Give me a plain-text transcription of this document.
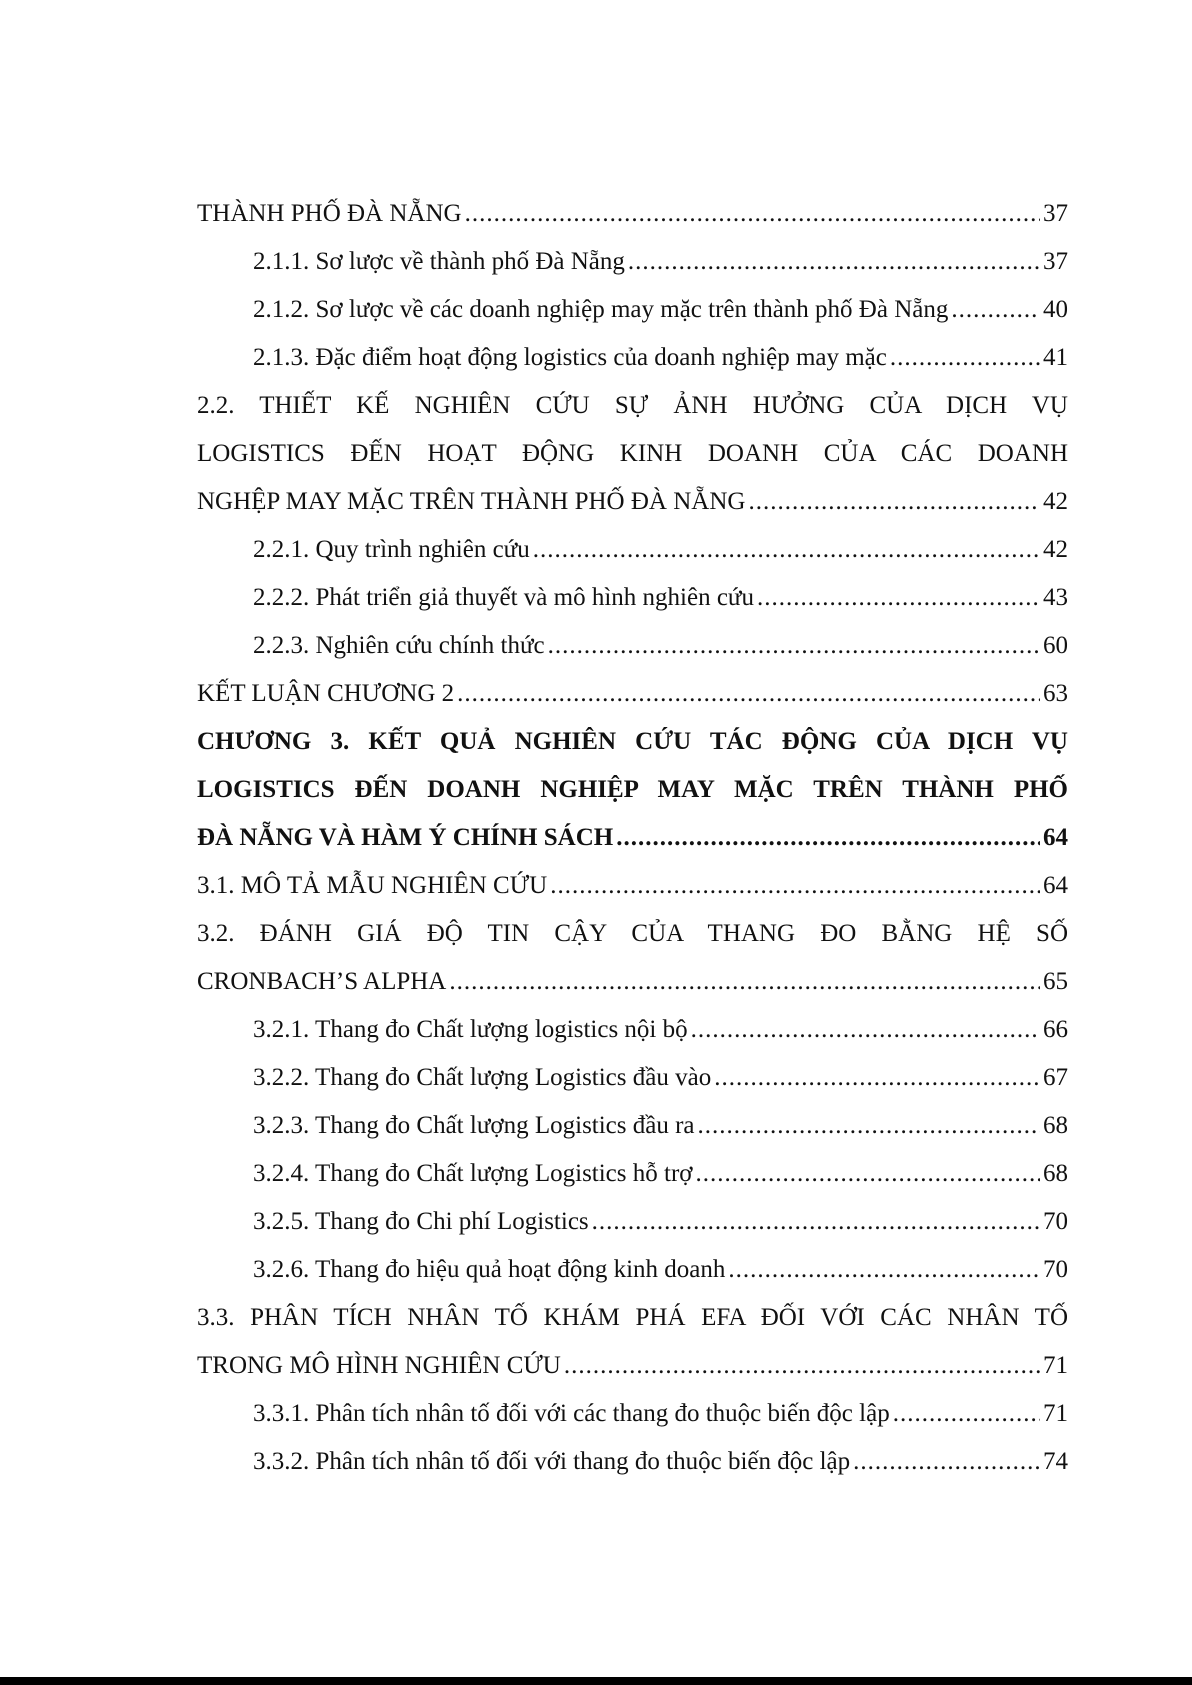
THÀNH PHỐ ĐÀ NẴNG .....	37
2.1.1. Sơ lược về thành phố Đà Nẵng .....	37
2.1.2. Sơ lược về các doanh nghiệp may mặc trên thành phố Đà Nẵng .....	40
2.1.3. Đặc điểm hoạt động logistics của doanh nghiệp may mặc .....	41
2.2. THIẾT KẾ NGHIÊN CỨU SỰ ẢNH HƯỞNG CỦA DỊCH VỤ
LOGISTICS ĐẾN HOẠT ĐỘNG KINH DOANH CỦA CÁC DOANH
NGHỆP MAY MẶC TRÊN THÀNH PHỐ ĐÀ NẴNG .....	42
2.2.1. Quy trình nghiên cứu .....	42
2.2.2. Phát triển giả thuyết và mô hình nghiên cứu .....	43
2.2.3. Nghiên cứu chính thức .....	60
KẾT LUẬN CHƯƠNG 2 .....	63
CHƯƠNG 3. KẾT QUẢ NGHIÊN CỨU TÁC ĐỘNG CỦA DỊCH VỤ
LOGISTICS ĐẾN DOANH NGHIỆP MAY MẶC TRÊN THÀNH PHỐ
ĐÀ NẴNG VÀ HÀM Ý CHÍNH SÁCH .....	64
3.1. MÔ TẢ MẪU NGHIÊN CỨU .....	64
3.2. ĐÁNH GIÁ ĐỘ TIN CẬY CỦA THANG ĐO BẰNG HỆ SỐ
CRONBACH’S ALPHA .....	65
3.2.1. Thang đo Chất lượng logistics nội bộ .....	66
3.2.2. Thang đo Chất lượng Logistics đầu vào .....	67
3.2.3. Thang đo Chất lượng Logistics đầu ra .....	68
3.2.4. Thang đo Chất lượng Logistics hỗ trợ .....	68
3.2.5. Thang đo Chi phí Logistics .....	70
3.2.6. Thang đo hiệu quả hoạt động kinh doanh .....	70
3.3. PHÂN TÍCH NHÂN TỐ KHÁM PHÁ EFA ĐỐI VỚI CÁC NHÂN TỐ
TRONG MÔ HÌNH NGHIÊN CỨU .....	71
3.3.1. Phân tích nhân tố đối với các thang đo thuộc biến độc lập .....	71
3.3.2. Phân tích nhân tố đối với thang đo thuộc biến độc lập .....	74
